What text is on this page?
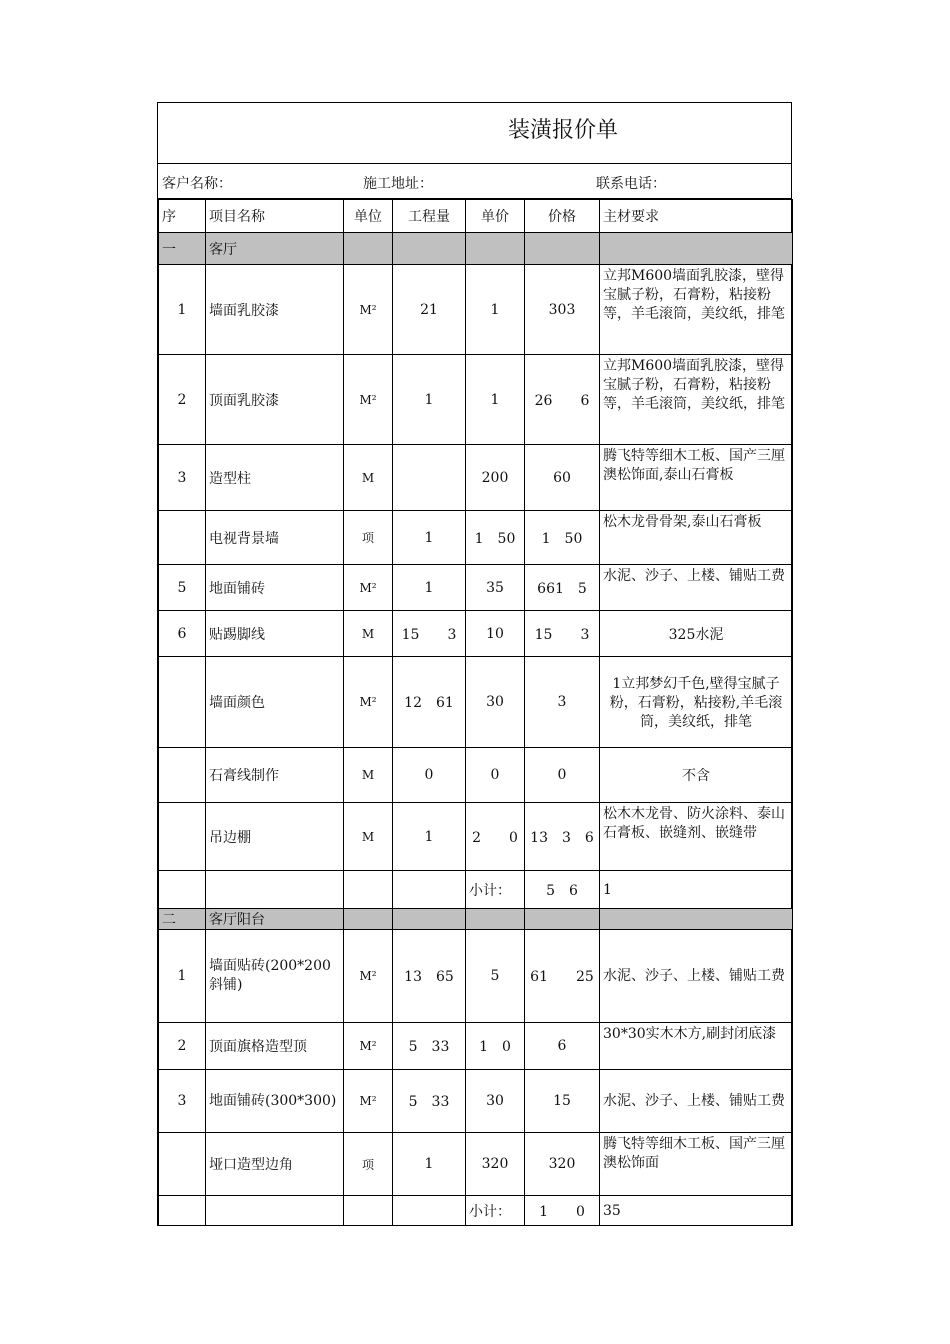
装潢报价单
客户名称：	施工地址：	联系电话：
序	项目名称	单位	工程量	单价	价格	主材要求
一	客厅					
1	墙面乳胶漆	M²	21	1	303	立邦M600墙面乳胶漆，壁得宝腻子粉，石膏粉，粘接粉等，羊毛滚筒，美纹纸，排笔
2	顶面乳胶漆	M²	1	1	26　　6	立邦M600墙面乳胶漆，壁得宝腻子粉，石膏粉，粘接粉等，羊毛滚筒，美纹纸，排笔
3	造型柱	M		200	60	腾飞特等细木工板、国产三厘澳松饰面,泰山石膏板
	电视背景墙	项	1	1　50	1　50	松木龙骨骨架,泰山石膏板
5	地面铺砖	M²	1	35	661　5	水泥、沙子、上楼、铺贴工费
6	贴踢脚线	M	15　　3	10	15　　3	325水泥
	墙面颜色	M²	12　61	30	3	1立邦梦幻千色,壁得宝腻子粉，石膏粉，粘接粉,羊毛滚筒，美纹纸，排笔
	石膏线制作	M	0	0	0	不含
	吊边棚	M	1	2　　0	13　3　6	松木木龙骨、防火涂料、泰山石膏板、嵌缝剂、嵌缝带
				小计：	5　6	1
二	客厅阳台					
1	墙面贴砖(200*200斜铺)	M²	13　65	5	61　　25	水泥、沙子、上楼、铺贴工费
2	顶面旗格造型顶	M²	5　33	1　0	6	30*30实木木方,刷封闭底漆
3	地面铺砖(300*300)	M²	5　33	30	15	水泥、沙子、上楼、铺贴工费
	垭口造型边角	项	1	320	320	腾飞特等细木工板、国产三厘澳松饰面
				小计：	1　　0	35
